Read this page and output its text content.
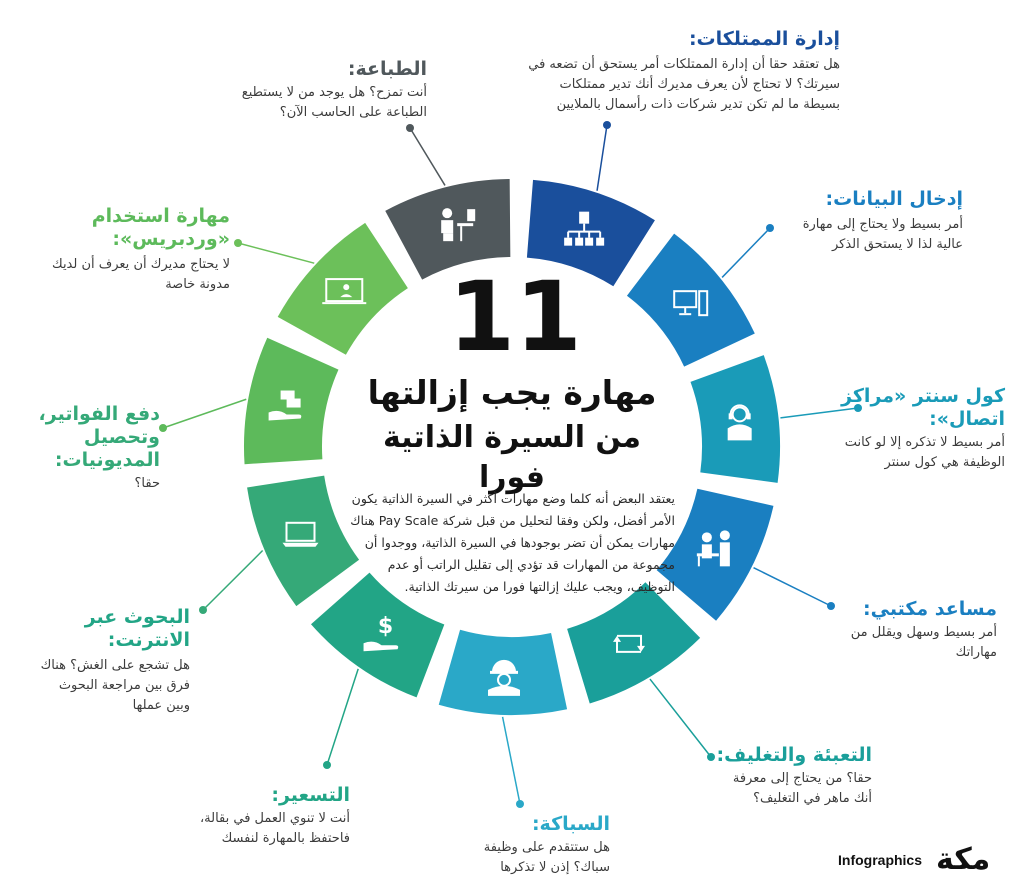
$
11
مهارة يجب إزالتها
من السيرة الذاتية فورا
يعتقد البعض أنه كلما وضع مهارات أكثر في السيرة الذاتية يكون الأمر أفضل، ولكن وفقا لتحليل من قبل شركة Pay Scale هناك مهارات يمكن أن تضر بوجودها في السيرة الذاتية، ووجدوا أن مجموعة من المهارات قد تؤدي إلى تقليل الراتب أو عدم التوظيف، ويجب عليك إزالتها فورا من سيرتك الذاتية.
إدارة الممتلكات:
هل تعتقد حقا أن إدارة الممتلكات أمر يستحق أن تضعه في سيرتك؟ لا تحتاج لأن يعرف مديرك أنك تدير ممتلكات بسيطة ما لم تكن تدير شركات ذات رأسمال بالملايين
إدخال البيانات:
أمر بسيط ولا يحتاج إلى مهارة عالية لذا لا يستحق الذكر
كول سنتر «مراكز اتصال»:
أمر بسيط لا تذكره إلا لو كانت الوظيفة هي كول سنتر
مساعد مكتبي:
أمر بسيط وسهل ويقلل من مهاراتك
التعبئة والتغليف:
حقا؟ من يحتاج إلى معرفة أنك ماهر في التغليف؟
السباكة:
هل ستتقدم على وظيفة سباك؟ إذن لا تذكرها
التسعير:
أنت لا تنوي العمل في بقالة، فاحتفظ بالمهارة لنفسك
البحوث عبر الانترنت:
هل تشجع على الغش؟ هناك فرق بين مراجعة البحوث وبين عملها
دفع الفواتير، وتحصيل المديونيات:
حقا؟
مهارة استخدام «وردبريس»:
لا يحتاج مديرك أن يعرف أن لديك مدونة خاصة
الطباعة:
أنت تمزح؟ هل يوجد من لا يستطيع الطباعة على الحاسب الآن؟
Infographics مكة
